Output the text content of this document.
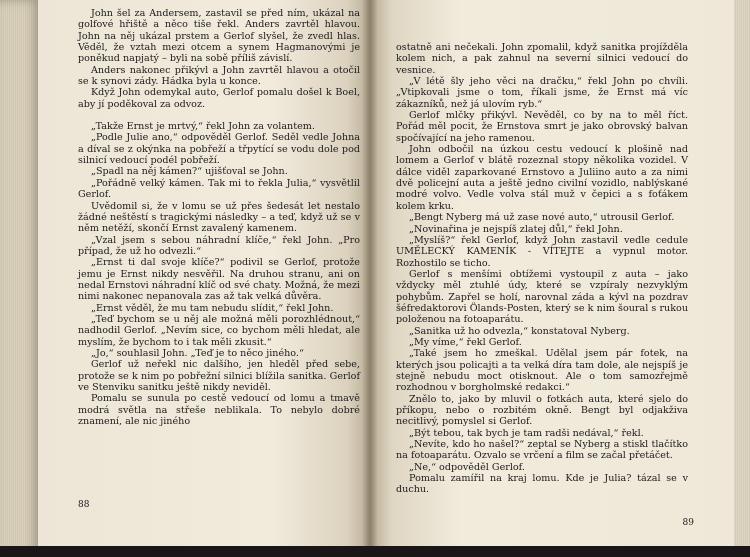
John šel za Andersem, zastavil se před ním, ukázal na golfové hřiště a něco tiše řekl. Anders zavrtěl hlavou. John na něj ukázal prstem a Gerlof slyšel, že zvedl hlas. Věděl, že vztah mezi otcem a synem Hagmanovými je poněkud napjatý – byli na sobě příliš závislí.

Anders nakonec přikývl a John zavrtěl hlavou a otočil se k synovi zády. Hádka byla u konce.

Když John odemykal auto, Gerlof pomalu došel k Boel, aby jí poděkoval za odvoz.

„Takže Ernst je mrtvý,“ řekl John za volantem.

„Podle Julie ano,“ odpověděl Gerlof. Seděl vedle Johna a díval se z okýnka na pobřeží a třpytící se vodu dole pod silnicí vedoucí podél pobřeží.

„Spadl na něj kámen?“ ujišťoval se John.

„Pořádně velký kámen. Tak mi to řekla Julia,“ vysvětlil Gerlof.

Uvědomil si, že v lomu se už přes šedesát let nestalo žádné neštěstí s tragickými následky – a teď, když už se v něm netěží, skončí Ernst zavalený kamenem.

„Vzal jsem s sebou náhradní klíče,“ řekl John. „Pro případ, že už ho odvezli.“

„Ernst ti dal svoje klíče?“ podivil se Gerlof, protože jemu je Ernst nikdy nesvěřil. Na druhou stranu, ani on nedal Ernstovi náhradní klíč od své chaty. Možná, že mezi nimi nakonec nepanovala zas až tak velká důvěra.

„Ernst věděl, že mu tam nebudu slídit,“ řekl John.

„Teď bychom se u něj ale možná měli porozhlédnout,“ nadhodil Gerlof. „Nevím sice, co bychom měli hledat, ale myslím, že bychom to i tak měli zkusit.“

„Jo,“ souhlasil John. „Teď je to něco jiného.“

Gerlof už neřekl nic dalšího, jen hleděl před sebe, protože se k nim po pobřežní silnici blížila sanitka. Gerlof ve Stenviku sanitku ještě nikdy neviděl.

Pomalu se sunula po cestě vedoucí od lomu a tmavě modrá světla na střeše neblikala. To nebylo dobré znamení, ale nic jiného

88

ostatně ani nečekali. John zpomalil, když sanitka projížděla kolem nich, a pak zahnul na severní silnici vedoucí do vesnice.

„V létě šly jeho věci na dračku,“ řekl John po chvíli. „Vtipkovali jsme o tom, říkali jsme, že Ernst má víc zákazníků, než já ulovím ryb.“

Gerlof mlčky přikývl. Nevěděl, co by na to měl říct. Pořád měl pocit, že Ernstova smrt je jako obrovský balvan spočívající na jeho ramenou.

John odbočil na úzkou cestu vedoucí k plošině nad lomem a Gerlof v blátě rozeznal stopy několika vozidel. V dálce viděl zaparkované Ernstovo a Juliino auto a za nimi dvě policejní auta a ještě jedno civilní vozidlo, nablýskané modré volvo. Vedle volva stál muž v čepici a s foťákem kolem krku.

„Bengt Nyberg má už zase nové auto,“ utrousil Gerlof.

„Novinařina je nejspíš zlatej důl,“ řekl John.

„Myslíš?“ řekl Gerlof, když John zastavil vedle cedule UMĚLECKÝ KAMENÍK - VÍTEJTE a vypnul motor. Rozhostilo se ticho.

Gerlof s menšími obtížemi vystoupil z auta – jako vždycky měl ztuhlé údy, které se vzpíraly nezvyklým pohybům. Zapřel se holí, narovnal záda a kývl na pozdrav šéfredaktorovi Ölands-Posten, který se k nim šoural s rukou položenou na fotoaparátu.

„Sanitka už ho odvezla,“ konstatoval Nyberg.

„My víme,“ řekl Gerlof.

„Také jsem ho zmeškal. Udělal jsem pár fotek, na kterých jsou policajti a ta velká díra tam dole, ale nejspíš je stejně nebudu moct otisknout. Ale o tom samozřejmě rozhodnou v borgholmské redakci.“

Znělo to, jako by mluvil o fotkách auta, které sjelo do příkopu, nebo o rozbitém okně. Bengt byl odjakživa necitlivý, pomyslel si Gerlof.

„Být tebou, tak bych je tam radši nedával,“ řekl.

„Nevíte, kdo ho našel?“ zeptal se Nyberg a stiskl tlačítko na fotoaparátu. Ozvalo se vrčení a film se začal přetáčet.

„Ne,“ odpověděl Gerlof.

Pomalu zamířil na kraj lomu. Kde je Julia? tázal se v duchu.

89
